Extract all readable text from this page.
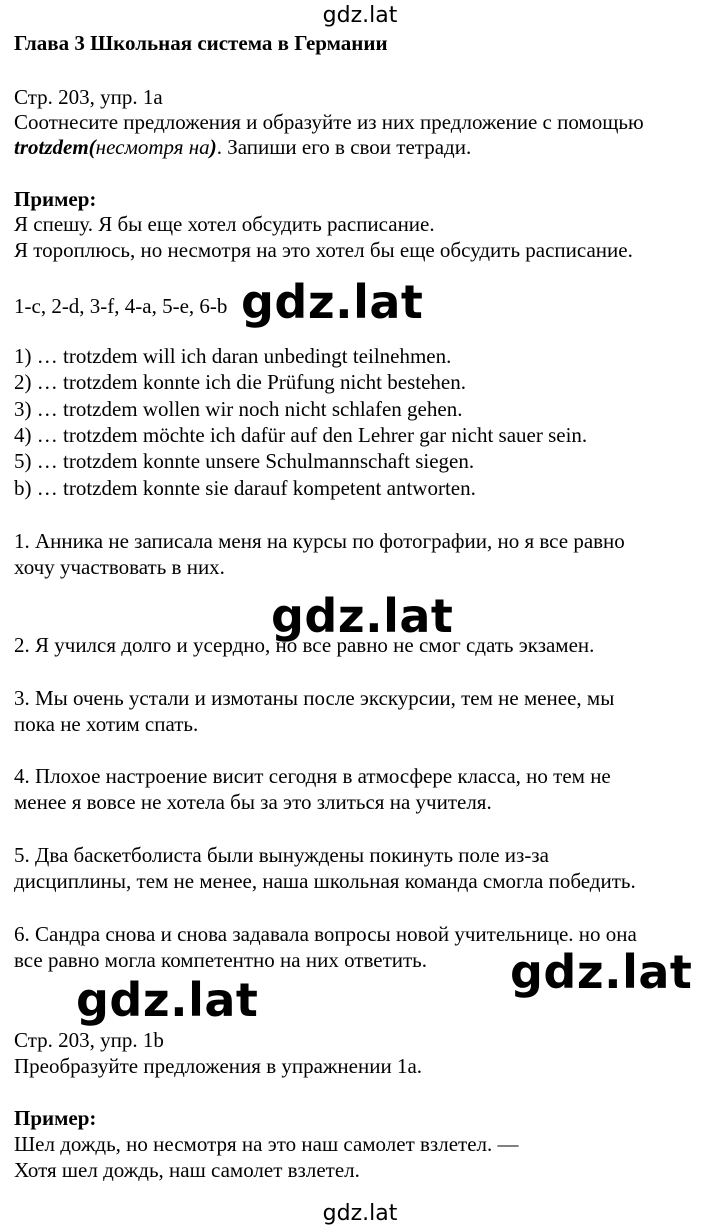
gdz.lat
Глава 3 Школьная система в Германии
Стр. 203, упр. 1а
Соотнесите предложения и образуйте из них предложение с помощью
trotzdem(несмотря на). Запиши его в свои тетради.
Пример:
Я спешу. Я бы еще хотел обсудить расписание.
Я тороплюсь, но несмотря на это хотел бы еще обсудить расписание.
1-c, 2-d, 3-f, 4-a, 5-e, 6-b
1) … trotzdem will ich daran unbedingt teilnehmen.
2) … trotzdem konnte ich die Prüfung nicht bestehen.
3) … trotzdem wollen wir noch nicht schlafen gehen.
4) … trotzdem möchte ich dafür auf den Lehrer gar nicht sauer sein.
5) … trotzdem konnte unsere Schulmannschaft siegen.
b) … trotzdem konnte sie darauf kompetent antworten.
1. Анника не записала меня на курсы по фотографии, но я все равно
хочу участвовать в них.
2. Я учился долго и усердно, но все равно не смог сдать экзамен.
3. Мы очень устали и измотаны после экскурсии, тем не менее, мы
пока не хотим спать.
4. Плохое настроение висит сегодня в атмосфере класса, но тем не
менее я вовсе не хотела бы за это злиться на учителя.
5. Два баскетболиста были вынуждены покинуть поле из-за
дисциплины, тем не менее, наша школьная команда смогла победить.
6. Сандра снова и снова задавала вопросы новой учительнице. но она
все равно могла компетентно на них ответить.
Стр. 203, упр. 1b
Преобразуйте предложения в упражнении 1а.
Пример:
Шел дождь, но несмотря на это наш самолет взлетел. —
Хотя шел дождь, наш самолет взлетел.
gdz.lat
gdz.lat
gdz.lat
gdz.lat
gdz.lat
